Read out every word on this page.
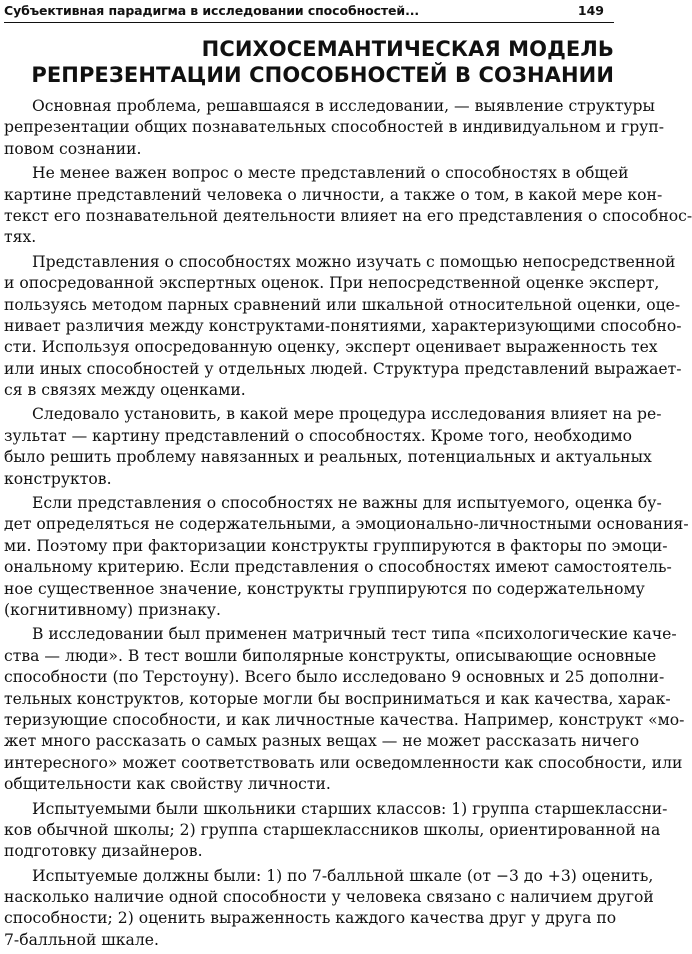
Субъективная парадигма в исследовании способностей...	149
ПСИХОСЕМАНТИЧЕСКАЯ МОДЕЛЬ
РЕПРЕЗЕНТАЦИИ СПОСОБНОСТЕЙ В СОЗНАНИИ
Основная проблема, решавшаяся в исследовании, — выявление структуры
репрезентации общих познавательных способностей в индивидуальном и груп-
повом сознании.
Не менее важен вопрос о месте представлений о способностях в общей
картине представлений человека о личности, а также о том, в какой мере кон-
текст его познавательной деятельности влияет на его представления о способнос-
тях.
Представления о способностях можно изучать с помощью непосредственной
и опосредованной экспертных оценок. При непосредственной оценке эксперт,
пользуясь методом парных сравнений или шкальной относительной оценки, оце-
нивает различия между конструктами-понятиями, характеризующими способно-
сти. Используя опосредованную оценку, эксперт оценивает выраженность тех
или иных способностей у отдельных людей. Структура представлений выражает-
ся в связях между оценками.
Следовало установить, в какой мере процедура исследования влияет на ре-
зультат — картину представлений о способностях. Кроме того, необходимо
было решить проблему навязанных и реальных, потенциальных и актуальных
конструктов.
Если представления о способностях не важны для испытуемого, оценка бу-
дет определяться не содержательными, а эмоционально-личностными основания-
ми. Поэтому при факторизации конструкты группируются в факторы по эмоци-
ональному критерию. Если представления о способностях имеют самостоятель-
ное существенное значение, конструкты группируются по содержательному
(когнитивному) признаку.
В исследовании был применен матричный тест типа «психологические каче-
ства — люди». В тест вошли биполярные конструкты, описывающие основные
способности (по Терстоуну). Всего было исследовано 9 основных и 25 дополни-
тельных конструктов, которые могли бы восприниматься и как качества, харак-
теризующие способности, и как личностные качества. Например, конструкт «мо-
жет много рассказать о самых разных вещах — не может рассказать ничего
интересного» может соответствовать или осведомленности как способности, или
общительности как свойству личности.
Испытуемыми были школьники старших классов: 1) группа старшеклассни-
ков обычной школы; 2) группа старшеклассников школы, ориентированной на
подготовку дизайнеров.
Испытуемые должны были: 1) по 7-балльной шкале (от −3 до +3) оценить,
насколько наличие одной способности у человека связано с наличием другой
способности; 2) оценить выраженность каждого качества друг у друга по
7-балльной шкале.
